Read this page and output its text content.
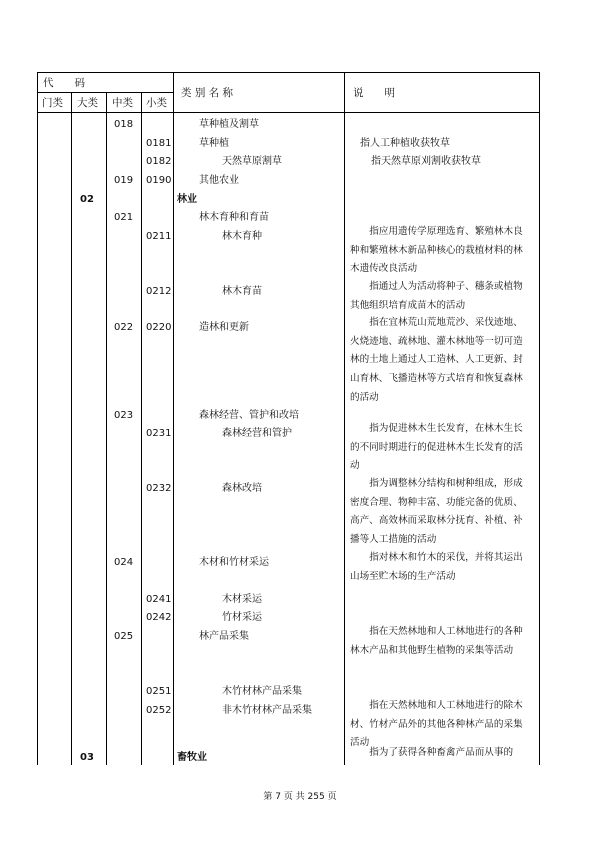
代　　码
门类 大类 中类 小类
类 别 名 称	说　　明
018	草种植及割草
0181	草种植	指人工种植收获牧草
0182	天然草原割草	指天然草原刈割收获牧草
019 0190	其他农业
02	林业
021	林木育种和育苗
0211	林木育种	指应用遗传学原理选育、繁殖林木良种和繁殖林木新品种核心的栽植材料的林木遗传改良活动
0212	林木育苗	指通过人为活动将种子、穗条或植物其他组织培育成苗木的活动
022 0220	造林和更新	指在宜林荒山荒地荒沙、采伐迹地、火烧迹地、疏林地、灌木林地等一切可造林的土地上通过人工造林、人工更新、封山育林、飞播造林等方式培育和恢复森林的活动
023	森林经营、管护和改培
0231	森林经营和管护	指为促进林木生长发育，在林木生长的不同时期进行的促进林木生长发育的活动
0232	森林改培	指为调整林分结构和树种组成，形成密度合理、物种丰富、功能完备的优质、高产、高效林而采取林分抚育、补植、补播等人工措施的活动
024	木材和竹材采运	指对林木和竹木的采伐，并将其运出山场至贮木场的生产活动
0241	木材采运
0242	竹材采运
025	林产品采集	指在天然林地和人工林地进行的各种林木产品和其他野生植物的采集等活动
0251	木竹材林产品采集
0252	非木竹材林产品采集	指在天然林地和人工林地进行的除木材、竹材产品外的其他各种林产品的采集活动
03	畜牧业	指为了获得各种畜禽产品而从事的
第 7 页 共 255 页
